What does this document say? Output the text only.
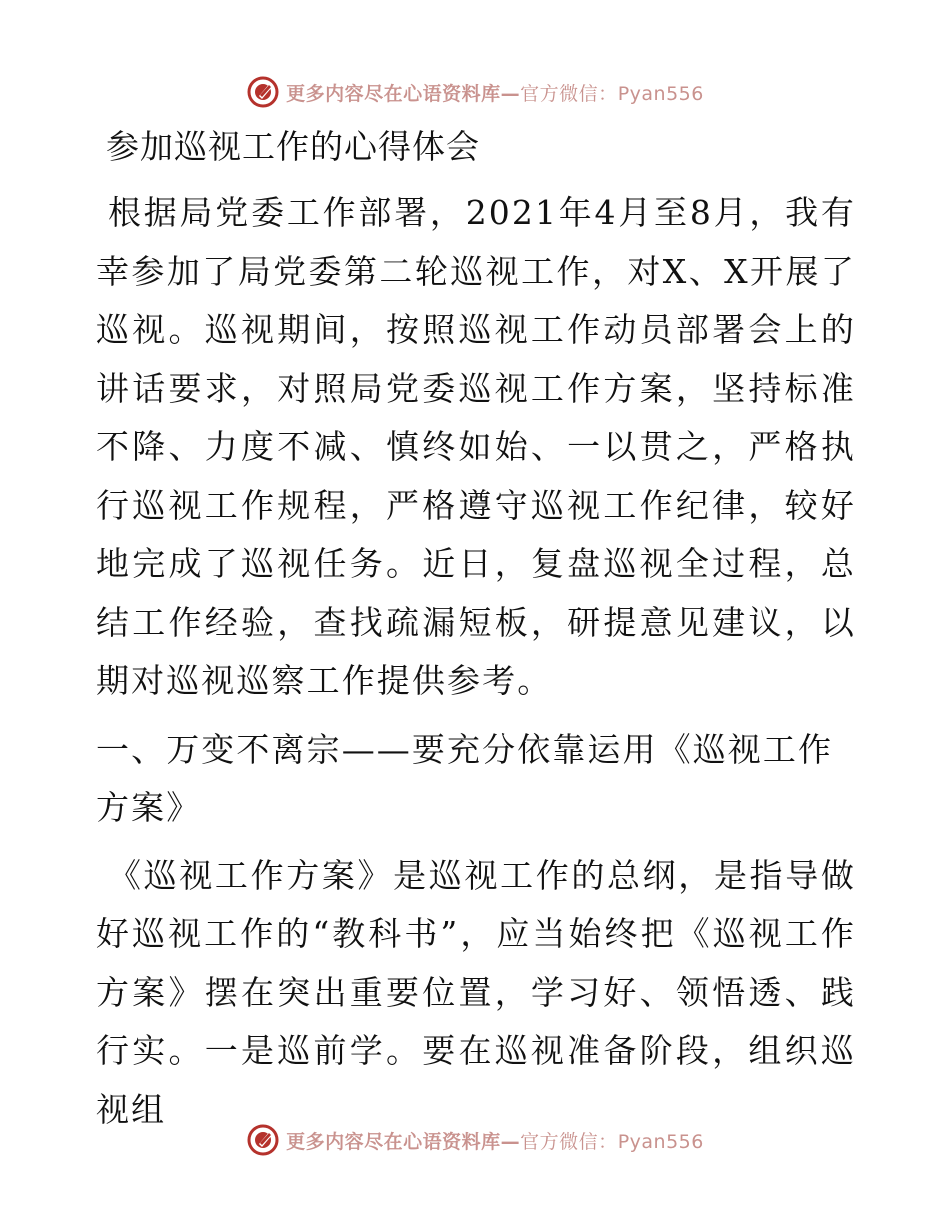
更多内容尽在心语资料库—官方微信：Pyan556
参加巡视工作的心得体会

根据局党委工作部署，2021年4月至8月，我有幸参加了局党委第二轮巡视工作，对X、X开展了巡视。巡视期间，按照巡视工作动员部署会上的讲话要求，对照局党委巡视工作方案，坚持标准不降、力度不减、慎终如始、一以贯之，严格执行巡视工作规程，严格遵守巡视工作纪律，较好地完成了巡视任务。近日，复盘巡视全过程，总结工作经验，查找疏漏短板，研提意见建议，以期对巡视巡察工作提供参考。

一、万变不离宗——要充分依靠运用《巡视工作方案》

《巡视工作方案》是巡视工作的总纲，是指导做好巡视工作的“教科书”，应当始终把《巡视工作方案》摆在突出重要位置，学习好、领悟透、践行实。一是巡前学。要在巡视准备阶段，组织巡视组

更多内容尽在心语资料库—官方微信：Pyan556
